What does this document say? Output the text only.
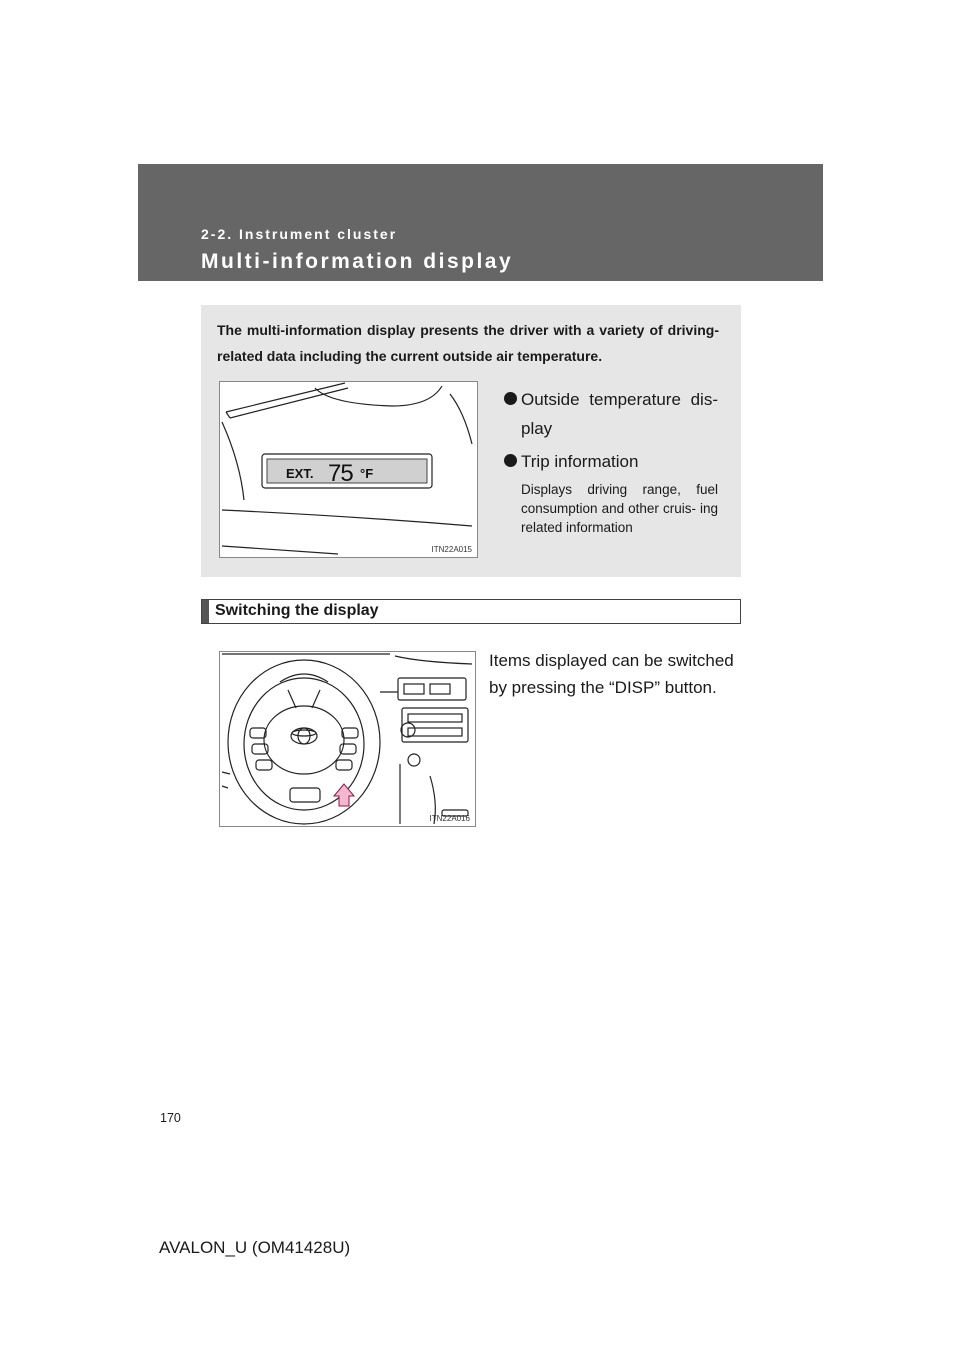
2-2. Instrument cluster
Multi-information display
The multi-information display presents the driver with a variety of driving-related data including the current outside air temperature.
EXT. 75 °F
ITN22A015
Outside temperature dis-
play
Trip information
Displays driving range, fuel consumption and other cruis- ing related information
Switching the display
ITN22A016
Items displayed can be switched by pressing the “DISP” button.
170
AVALON_U (OM41428U)
